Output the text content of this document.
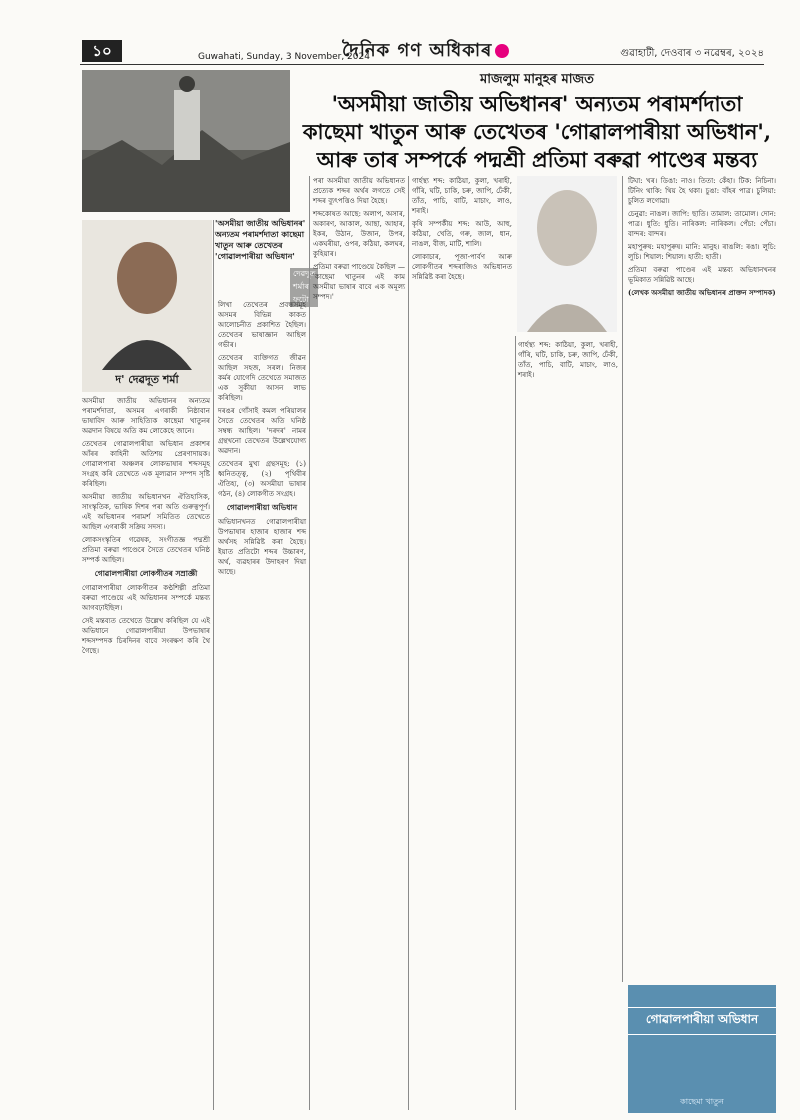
১০	Guwahati, Sunday, 3 November, 2024
দৈনিক গণ অধিকাৰ	গুৱাহাটী, দেওবাৰ ৩ নৱেম্বৰ, ২০২৪
দেৱদূত শৰ্মাৰ ফটো
মাজলুম মানুহৰ মাজত
'অসমীয়া জাতীয় অভিধানৰ' অন্যতম পৰামৰ্শদাতা কাছেমা খাতুন আৰু তেখেতৰ 'গোৱালপাৰীয়া অভিধান', আৰু তাৰ সম্পৰ্কে পদ্মশ্ৰী প্ৰতিমা বৰুৱা পাণ্ডেৰ মন্তব্য
দ' দেৱদূত শৰ্মা
'অসমীয়া জাতীয় অভিধানৰ' অন্যতম পৰামৰ্শদাতা কাছেমা খাতুন আৰু তেখেতৰ 'গোৱালপাৰীয়া অভিধান'

অসমীয়া জাতীয় অভিধানৰ অন্যতম পৰামৰ্শদাতা, অসমৰ এগৰাকী নিষ্ঠাবান ভাষাবিদ আৰু সাহিত্যিক কাছেমা খাতুনৰ অৱদান বিষয়ে অতি কম লোকেহে জানে।

তেখেতৰ গোৱালপাৰীয়া অভিধান প্ৰকাশৰ আঁৰৰ কাহিনী অতিশয় প্ৰেৰণাদায়ক। গোৱালপাৰা অঞ্চলৰ লোকভাষাৰ শব্দসমূহ সংগ্ৰহ কৰি তেখেতে এক মূল্যৱান সম্পদ সৃষ্টি কৰিছিল।

অসমীয়া জাতীয় অভিধানখন ঐতিহাসিক, সাংস্কৃতিক, ভাষিক দিশৰ পৰা অতি গুৰুত্বপূৰ্ণ। এই অভিধানৰ পৰামৰ্শ সমিতিত তেখেতে আছিল এগৰাকী সক্ৰিয় সদস্য।

লোকসংস্কৃতিৰ গৱেষক, সংগীতজ্ঞ পদ্মশ্ৰী প্ৰতিমা বৰুৱা পাণ্ডেৰে সৈতে তেখেতৰ ঘনিষ্ঠ সম্পৰ্ক আছিল।

গোৱালপাৰীয়া লোকগীতৰ সম্ৰাজ্ঞী

গোৱালপাৰীয়া লোকগীতৰ কণ্ঠশিল্পী প্ৰতিমা বৰুৱা পাণ্ডেয়ে এই অভিধানৰ সম্পৰ্কে মন্তব্য আগবঢ়াইছিল।

সেই মন্তব্যত তেখেতে উল্লেখ কৰিছিল যে এই অভিধানে গোৱালপাৰীয়া উপভাষাৰ শব্দসম্পদক চিৰদিনৰ বাবে সংৰক্ষণ কৰি থৈ গৈছে।

লিখা তেখেতৰ প্ৰবন্ধসমূহ অসমৰ বিভিন্ন কাকত আলোচনীত প্ৰকাশিত হৈছিল। তেখেতৰ ভাষাজ্ঞান আছিল গভীৰ।

তেখেতৰ ব্যক্তিগত জীৱন আছিল সহজ, সৰল। নিজৰ কৰ্মৰ যোগেদি তেখেতে সমাজত এক সুকীয়া আসন লাভ কৰিছিল।

দৰঙৰ গোঁসাই কমল পৰিয়ালৰ সৈতে তেখেতৰ অতি ঘনিষ্ঠ সম্বন্ধ আছিল। 'দৰদৰ' নামৰ গ্ৰন্থখনো তেখেতৰ উল্লেখযোগ্য অৱদান।

তেখেতৰ মুখ্য গ্ৰন্থসমূহ: (১) ধ্বনিতত্ত্ব, (২) পৃথিবীৰ ঐতিহ্য, (৩) অসমীয়া ভাষাৰ গঠন, (৪) লোকগীত সংগ্ৰহ।

গোৱালপাৰীয়া অভিধান

অভিধানখনত গোৱালপাৰীয়া উপভাষাৰ হাজাৰ হাজাৰ শব্দ অৰ্থসহ সন্নিৱিষ্ট কৰা হৈছে। ইয়াত প্ৰতিটো শব্দৰ উচ্চাৰণ, অৰ্থ, ব্যৱহাৰৰ উদাহৰণ দিয়া আছে।

পৰা অসমীয়া জাতীয় অভিধানত প্ৰত্যেক শব্দৰ অৰ্থৰ লগতে সেই শব্দৰ ব্যুৎপত্তিও দিয়া হৈছে।

শব্দকোষত আছে: অলাপ, অসাৰ, অকাৰণ, আকাল, আছা, আহাৰ, ইকৰ, উঠান, উজান, উপৰ, একঘৰীয়া, ওপৰ, কঠিয়া, কলঘৰ, কুহিয়াৰ।

প্ৰতিমা বৰুৱা পাণ্ডেয়ে কৈছিল — 'কাছেমা খাতুনৰ এই কাম অসমীয়া ভাষাৰ বাবে এক অমূল্য সম্পদ।'

গাৰ্হস্থ্য শব্দ: কাঠিয়া, কুলা, খৰাহী, গাঁৰি, ঘটি, চাকি, চৰু, জাপি, ঢেঁকী, তাঁত, পাচি, বাটি, মাচাং, লাও, শৰাই।

কৃষি সম্পৰ্কীয় শব্দ: আউ, আহু, কঠিয়া, খেতি, গৰু, জাল, ধান, নাঙল, বীজ, মাটি, শালি।

লোকাচাৰ, পূজা-পাৰ্বণ আৰু লোকগীতৰ শব্দৰাজিও অভিধানত সন্নিৱিষ্ট কৰা হৈছে।

গাৰ্হস্থ্য শব্দ: কাঠিয়া, কুলা, খৰাহী, গাঁৰি, ঘটি, চাকি, চৰু, জাপি, ঢেঁকী, তাঁত, পাচি, বাটি, মাচাং, লাও, শৰাই।

টিঘা: খৰ। ডিঙা: নাও। তিতা: কেঁহা। টিক: নিচিনা। টিনিং থাকি: থিয় হৈ থকা। চুঙা: বাঁহৰ পাত্ৰ। চুলিয়া: চুলিত লগোৱা।

চেনুৱা: নাঙল। জাপি: ছাতি। তামাল: তামোল। দোন: পাত্ৰ। ধুতি: ধুতি। নাৰিকল: নাৰিকল। পেঁচা: পেঁচা। বান্দৰ: বান্দৰ।

মহাপুৰুষ: মহাপুৰুষ। মানি: মানুহ। ৰাঙলি: ৰঙা। লুচি: লুচি। শিয়াল: শিয়াল। হাতী: হাতী।

প্ৰতিমা বৰুৱা পাণ্ডেৰ এই মন্তব্য অভিধানখনৰ ভূমিকাত সন্নিৱিষ্ট আছে।

(লেখক অসমীয়া জাতীয় অভিধানৰ প্ৰাক্তন সম্পাদক)

গোৱালপাৰীয়া অভিধান
কাছেমা খাতুন
